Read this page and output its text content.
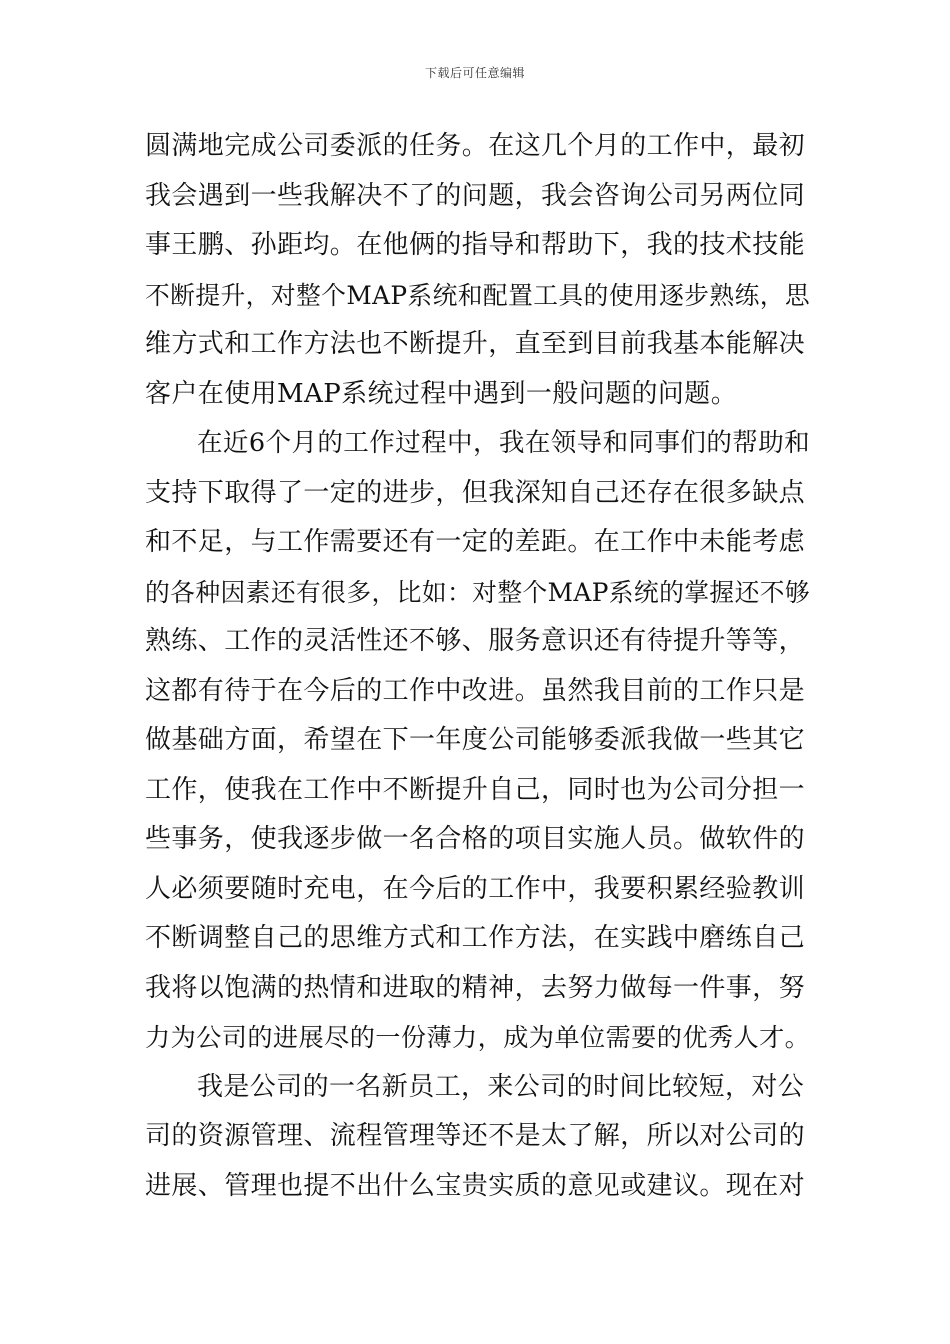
下载后可任意编辑
圆满地完成公司委派的任务。在这几个月的工作中，最初
我会遇到一些我解决不了的问题，我会咨询公司另两位同
事王鹏、孙距均。在他俩的指导和帮助下，我的技术技能
不断提升，对整个MAP系统和配置工具的使用逐步熟练，思
维方式和工作方法也不断提升，直至到目前我基本能解决
客户在使用MAP系统过程中遇到一般问题的问题。
在近6个月的工作过程中，我在领导和同事们的帮助和
支持下取得了一定的进步，但我深知自己还存在很多缺点
和不足，与工作需要还有一定的差距。在工作中未能考虑
的各种因素还有很多，比如：对整个MAP系统的掌握还不够
熟练、工作的灵活性还不够、服务意识还有待提升等等，
这都有待于在今后的工作中改进。虽然我目前的工作只是
做基础方面，希望在下一年度公司能够委派我做一些其它
工作，使我在工作中不断提升自己，同时也为公司分担一
些事务，使我逐步做一名合格的项目实施人员。做软件的
人必须要随时充电，在今后的工作中，我要积累经验教训
不断调整自己的思维方式和工作方法，在实践中磨练自己
我将以饱满的热情和进取的精神，去努力做每一件事，努
力为公司的进展尽的一份薄力，成为单位需要的优秀人才。
我是公司的一名新员工，来公司的时间比较短，对公
司的资源管理、流程管理等还不是太了解，所以对公司的
进展、管理也提不出什么宝贵实质的意见或建议。现在对
